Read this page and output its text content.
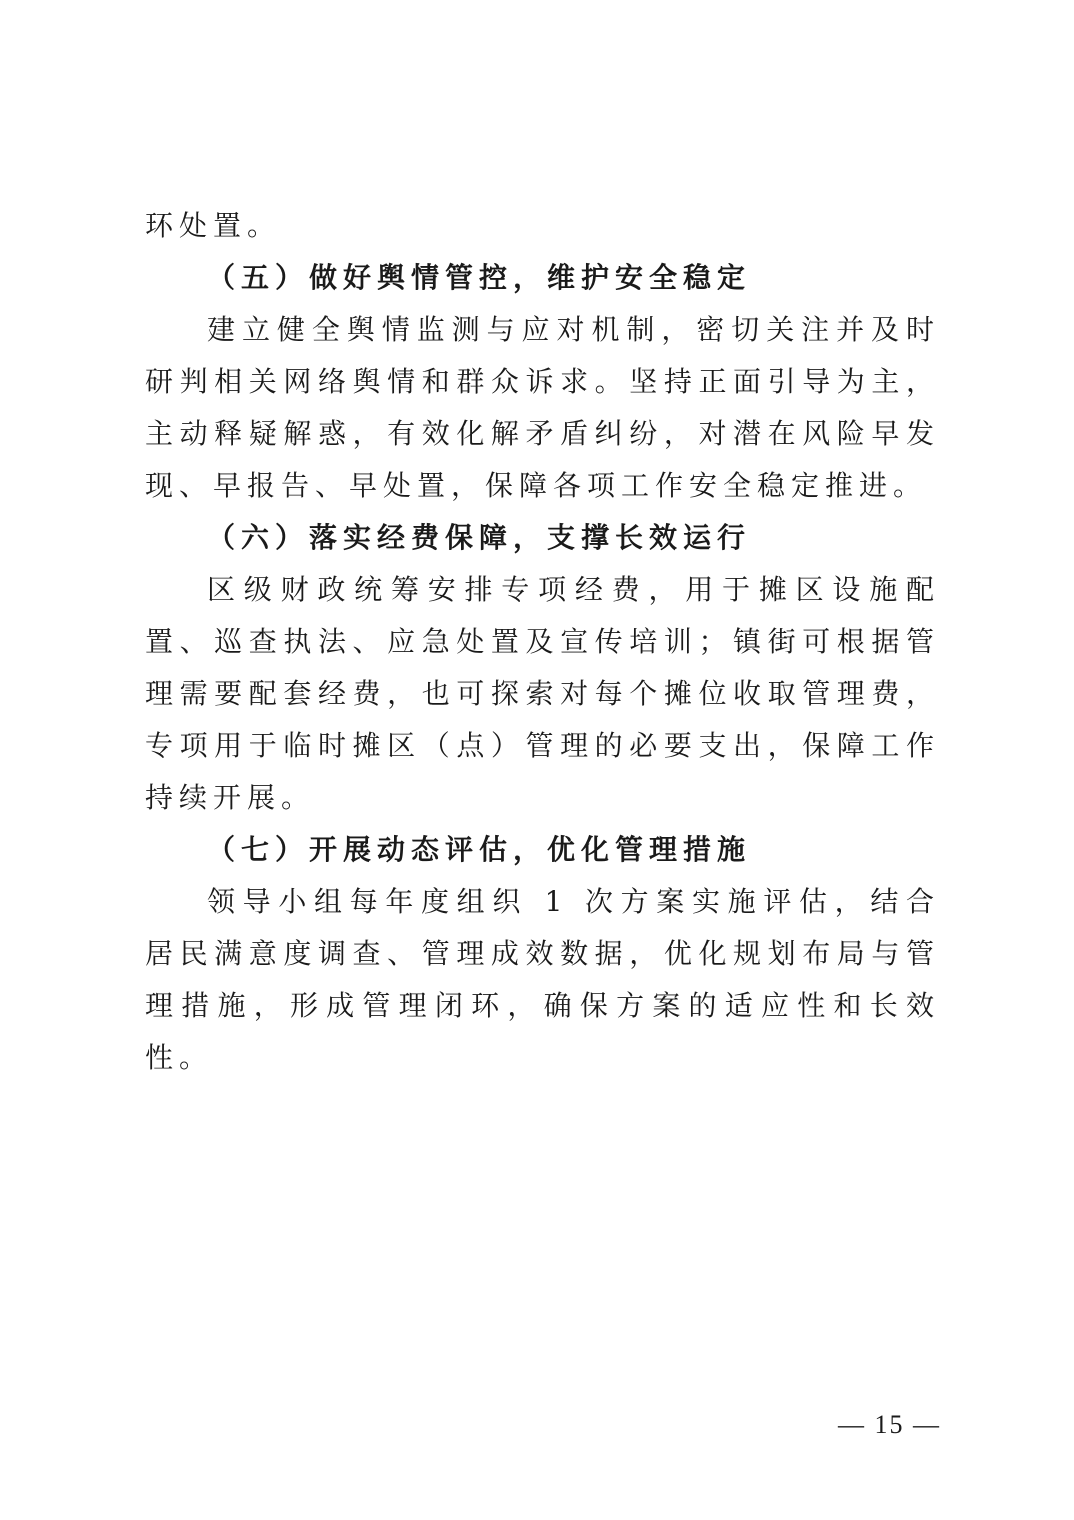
环处置。

（五）做好舆情管控，维护安全稳定

建立健全舆情监测与应对机制，密切关注并及时研判相关网络舆情和群众诉求。坚持正面引导为主，主动释疑解惑，有效化解矛盾纠纷，对潜在风险早发现、早报告、早处置，保障各项工作安全稳定推进。

（六）落实经费保障，支撑长效运行

区级财政统筹安排专项经费，用于摊区设施配置、巡查执法、应急处置及宣传培训；镇街可根据管理需要配套经费，也可探索对每个摊位收取管理费，专项用于临时摊区（点）管理的必要支出，保障工作持续开展。

（七）开展动态评估，优化管理措施

领导小组每年度组织 1 次方案实施评估，结合居民满意度调查、管理成效数据，优化规划布局与管理措施，形成管理闭环，确保方案的适应性和长效性。

— 15 —
